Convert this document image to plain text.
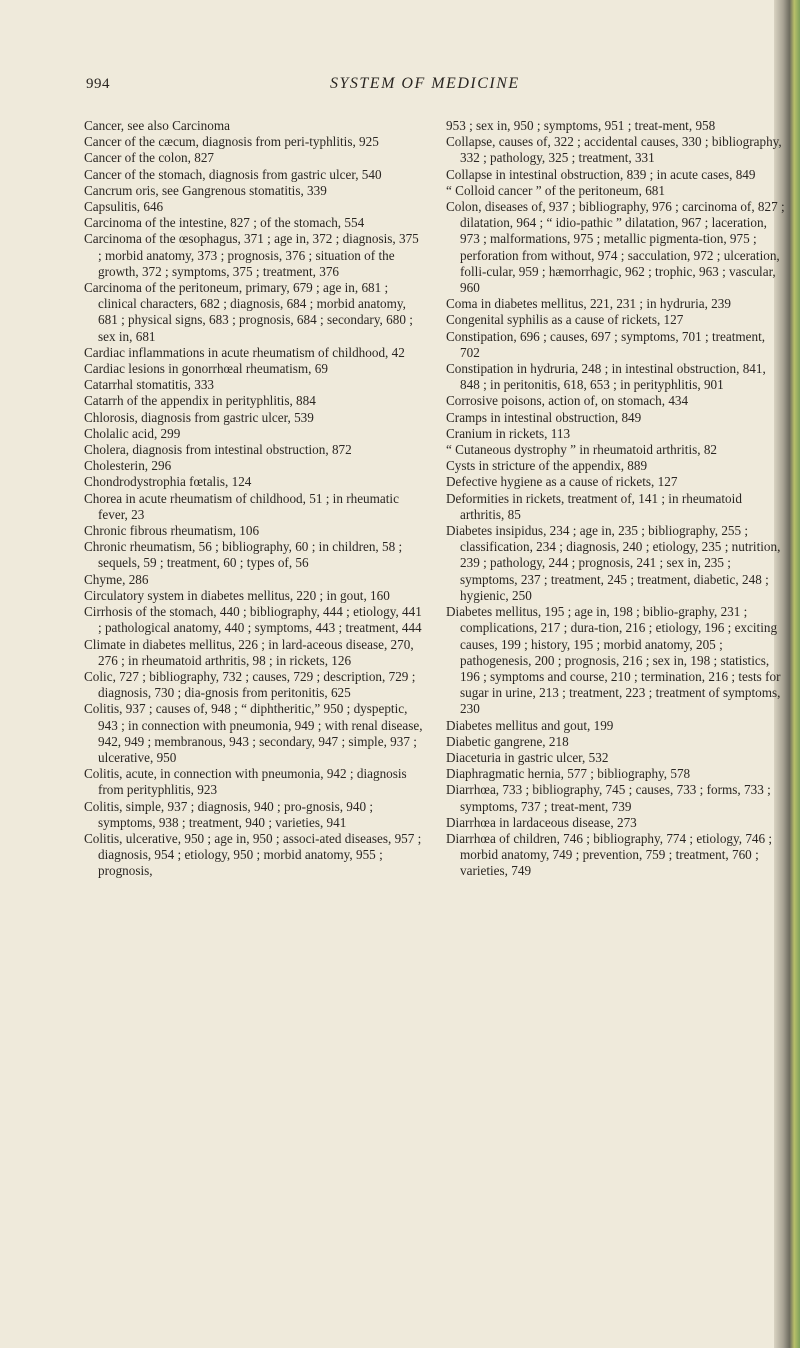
994	SYSTEM OF MEDICINE

Cancer, see also Carcinoma

Cancer of the cæcum, diagnosis from peri-typhlitis, 925

Cancer of the colon, 827

Cancer of the stomach, diagnosis from gastric ulcer, 540

Cancrum oris, see Gangrenous stomatitis, 339

Capsulitis, 646

Carcinoma of the intestine, 827 ; of the stomach, 554

Carcinoma of the œsophagus, 371 ; age in, 372 ; diagnosis, 375 ; morbid anatomy, 373 ; prognosis, 376 ; situation of the growth, 372 ; symptoms, 375 ; treatment, 376

Carcinoma of the peritoneum, primary, 679 ; age in, 681 ; clinical characters, 682 ; diagnosis, 684 ; morbid anatomy, 681 ; physical signs, 683 ; prognosis, 684 ; secondary, 680 ; sex in, 681

Cardiac inflammations in acute rheumatism of childhood, 42

Cardiac lesions in gonorrhœal rheumatism, 69

Catarrhal stomatitis, 333

Catarrh of the appendix in perityphlitis, 884

Chlorosis, diagnosis from gastric ulcer, 539

Cholalic acid, 299

Cholera, diagnosis from intestinal obstruction, 872

Cholesterin, 296

Chondrodystrophia fœtalis, 124

Chorea in acute rheumatism of childhood, 51 ; in rheumatic fever, 23

Chronic fibrous rheumatism, 106

Chronic rheumatism, 56 ; bibliography, 60 ; in children, 58 ; sequels, 59 ; treatment, 60 ; types of, 56

Chyme, 286

Circulatory system in diabetes mellitus, 220 ; in gout, 160

Cirrhosis of the stomach, 440 ; bibliography, 444 ; etiology, 441 ; pathological anatomy, 440 ; symptoms, 443 ; treatment, 444

Climate in diabetes mellitus, 226 ; in lard-aceous disease, 270, 276 ; in rheumatoid arthritis, 98 ; in rickets, 126

Colic, 727 ; bibliography, 732 ; causes, 729 ; description, 729 ; diagnosis, 730 ; dia-gnosis from peritonitis, 625

Colitis, 937 ; causes of, 948 ; “ diphtheritic,” 950 ; dyspeptic, 943 ; in connection with pneumonia, 949 ; with renal disease, 942, 949 ; membranous, 943 ; secondary, 947 ; simple, 937 ; ulcerative, 950

Colitis, acute, in connection with pneumonia, 942 ; diagnosis from perityphlitis, 923

Colitis, simple, 937 ; diagnosis, 940 ; pro-gnosis, 940 ; symptoms, 938 ; treatment, 940 ; varieties, 941

Colitis, ulcerative, 950 ; age in, 950 ; associ-ated diseases, 957 ; diagnosis, 954 ; etiology, 950 ; morbid anatomy, 955 ; prognosis,

953 ; sex in, 950 ; symptoms, 951 ; treat-ment, 958

Collapse, causes of, 322 ; accidental causes, 330 ; bibliography, 332 ; pathology, 325 ; treatment, 331

Collapse in intestinal obstruction, 839 ; in acute cases, 849

“ Colloid cancer ” of the peritoneum, 681

Colon, diseases of, 937 ; bibliography, 976 ; carcinoma of, 827 ; dilatation, 964 ; “ idio-pathic ” dilatation, 967 ; laceration, 973 ; malformations, 975 ; metallic pigmenta-tion, 975 ; perforation from without, 974 ; sacculation, 972 ; ulceration, folli-cular, 959 ; hæmorrhagic, 962 ; trophic, 963 ; vascular, 960

Coma in diabetes mellitus, 221, 231 ; in hydruria, 239

Congenital syphilis as a cause of rickets, 127

Constipation, 696 ; causes, 697 ; symptoms, 701 ; treatment, 702

Constipation in hydruria, 248 ; in intestinal obstruction, 841, 848 ; in peritonitis, 618, 653 ; in perityphlitis, 901

Corrosive poisons, action of, on stomach, 434

Cramps in intestinal obstruction, 849

Cranium in rickets, 113

“ Cutaneous dystrophy ” in rheumatoid arthritis, 82

Cysts in stricture of the appendix, 889

Defective hygiene as a cause of rickets, 127

Deformities in rickets, treatment of, 141 ; in rheumatoid arthritis, 85

Diabetes insipidus, 234 ; age in, 235 ; bibliography, 255 ; classification, 234 ; diagnosis, 240 ; etiology, 235 ; nutrition, 239 ; pathology, 244 ; prognosis, 241 ; sex in, 235 ; symptoms, 237 ; treatment, 245 ; treatment, diabetic, 248 ; hygienic, 250

Diabetes mellitus, 195 ; age in, 198 ; biblio-graphy, 231 ; complications, 217 ; dura-tion, 216 ; etiology, 196 ; exciting causes, 199 ; history, 195 ; morbid anatomy, 205 ; pathogenesis, 200 ; prognosis, 216 ; sex in, 198 ; statistics, 196 ; symptoms and course, 210 ; termination, 216 ; tests for sugar in urine, 213 ; treatment, 223 ; treatment of symptoms, 230

Diabetes mellitus and gout, 199

Diabetic gangrene, 218

Diaceturia in gastric ulcer, 532

Diaphragmatic hernia, 577 ; bibliography, 578

Diarrhœa, 733 ; bibliography, 745 ; causes, 733 ; forms, 733 ; symptoms, 737 ; treat-ment, 739

Diarrhœa in lardaceous disease, 273

Diarrhœa of children, 746 ; bibliography, 774 ; etiology, 746 ; morbid anatomy, 749 ; prevention, 759 ; treatment, 760 ; varieties, 749
